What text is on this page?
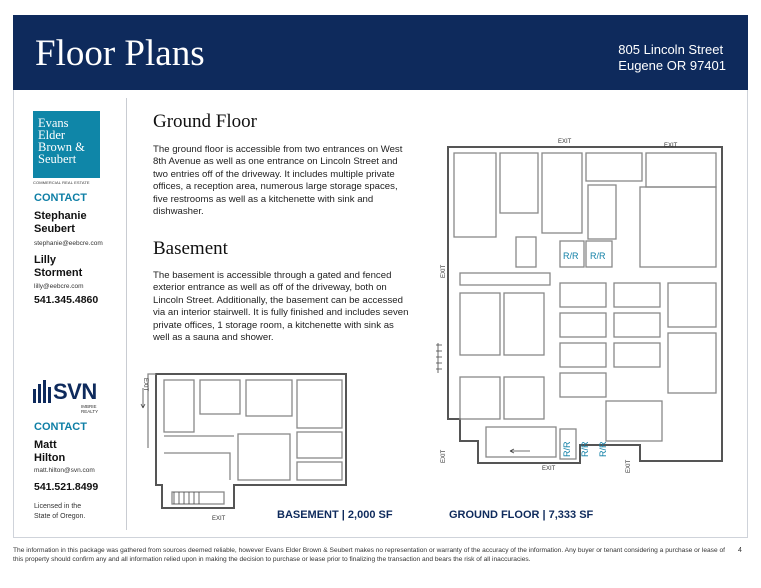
Floor Plans	805 Lincoln Street
Eugene OR 97401
Evans
Elder
Brown &
Seubert
COMMERCIAL REAL ESTATE
CONTACT
Stephanie
Seubert
stephanie@eebcre.com
Lilly
Storment
lilly@eebcre.com
541.345.4860
SVN
IMBRIE REALTY
CONTACT
Matt
Hilton
matt.hilton@svn.com
541.521.8499
Licensed in the
State of Oregon.
Ground Floor
The ground floor is accessible from two entrances on West 8th Avenue as well as one entrance on Lincoln Street and two entries off of the driveway. It includes multiple private offices, a reception area, numerous large storage spaces, five restrooms as well as a kitchenette with sink and dishwasher.
Basement
The basement is accessible through a gated and fenced exterior entrance as well as off of the driveway, both on Lincoln Street. Additionally, the basement can be accessed via an interior stairwell. It is fully finished and includes seven private offices, 1 storage room, a kitchenette with sink as well as a sauna and shower.
EXIT
EXIT	BASEMENT | 2,000 SF
EXIT
EXIT
EXIT
EXIT
EXIT	EXIT
R/R R/R
R/R R/R R/R
GROUND FLOOR | 7,333 SF
The information in this package was gathered from sources deemed reliable, however Evans Elder Brown & Seubert makes no representation or warranty of the accuracy of the information. Any buyer or tenant considering a purchase or lease of this property should confirm any and all information relied upon in making the decision to purchase or lease prior to finalizing the transaction and bears the risk of all inaccuracies.
4
